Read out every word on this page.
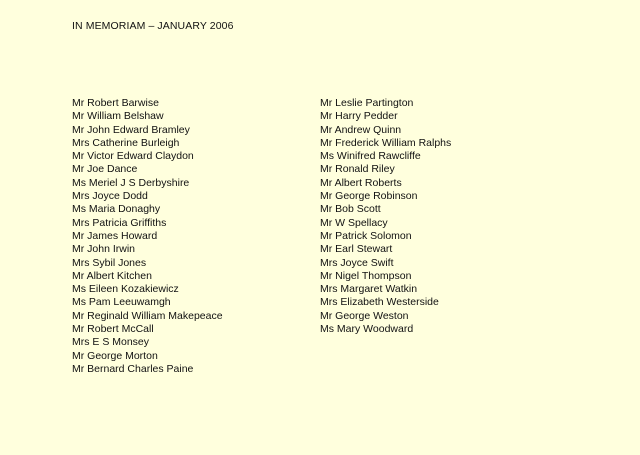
IN MEMORIAM – JANUARY 2006
Mr Robert Barwise
Mr William Belshaw
Mr John Edward Bramley
Mrs Catherine Burleigh
Mr Victor Edward Claydon
Mr Joe Dance
Ms Meriel J S Derbyshire
Mrs Joyce Dodd
Ms Maria Donaghy
Mrs Patricia Griffiths
Mr James Howard
Mr John Irwin
Mrs Sybil Jones
Mr Albert Kitchen
Ms Eileen Kozakiewicz
Ms Pam Leeuwamgh
Mr Reginald William Makepeace
Mr Robert McCall
Mrs E S Monsey
Mr George Morton
Mr Bernard Charles Paine
Mr Leslie Partington
Mr Harry Pedder
Mr Andrew Quinn
Mr Frederick William Ralphs
Ms Winifred Rawcliffe
Mr Ronald Riley
Mr Albert Roberts
Mr George Robinson
Mr Bob Scott
Mr W Spellacy
Mr Patrick Solomon
Mr Earl Stewart
Mrs Joyce Swift
Mr Nigel Thompson
Mrs Margaret Watkin
Mrs Elizabeth Westerside
Mr George Weston
Ms Mary Woodward
